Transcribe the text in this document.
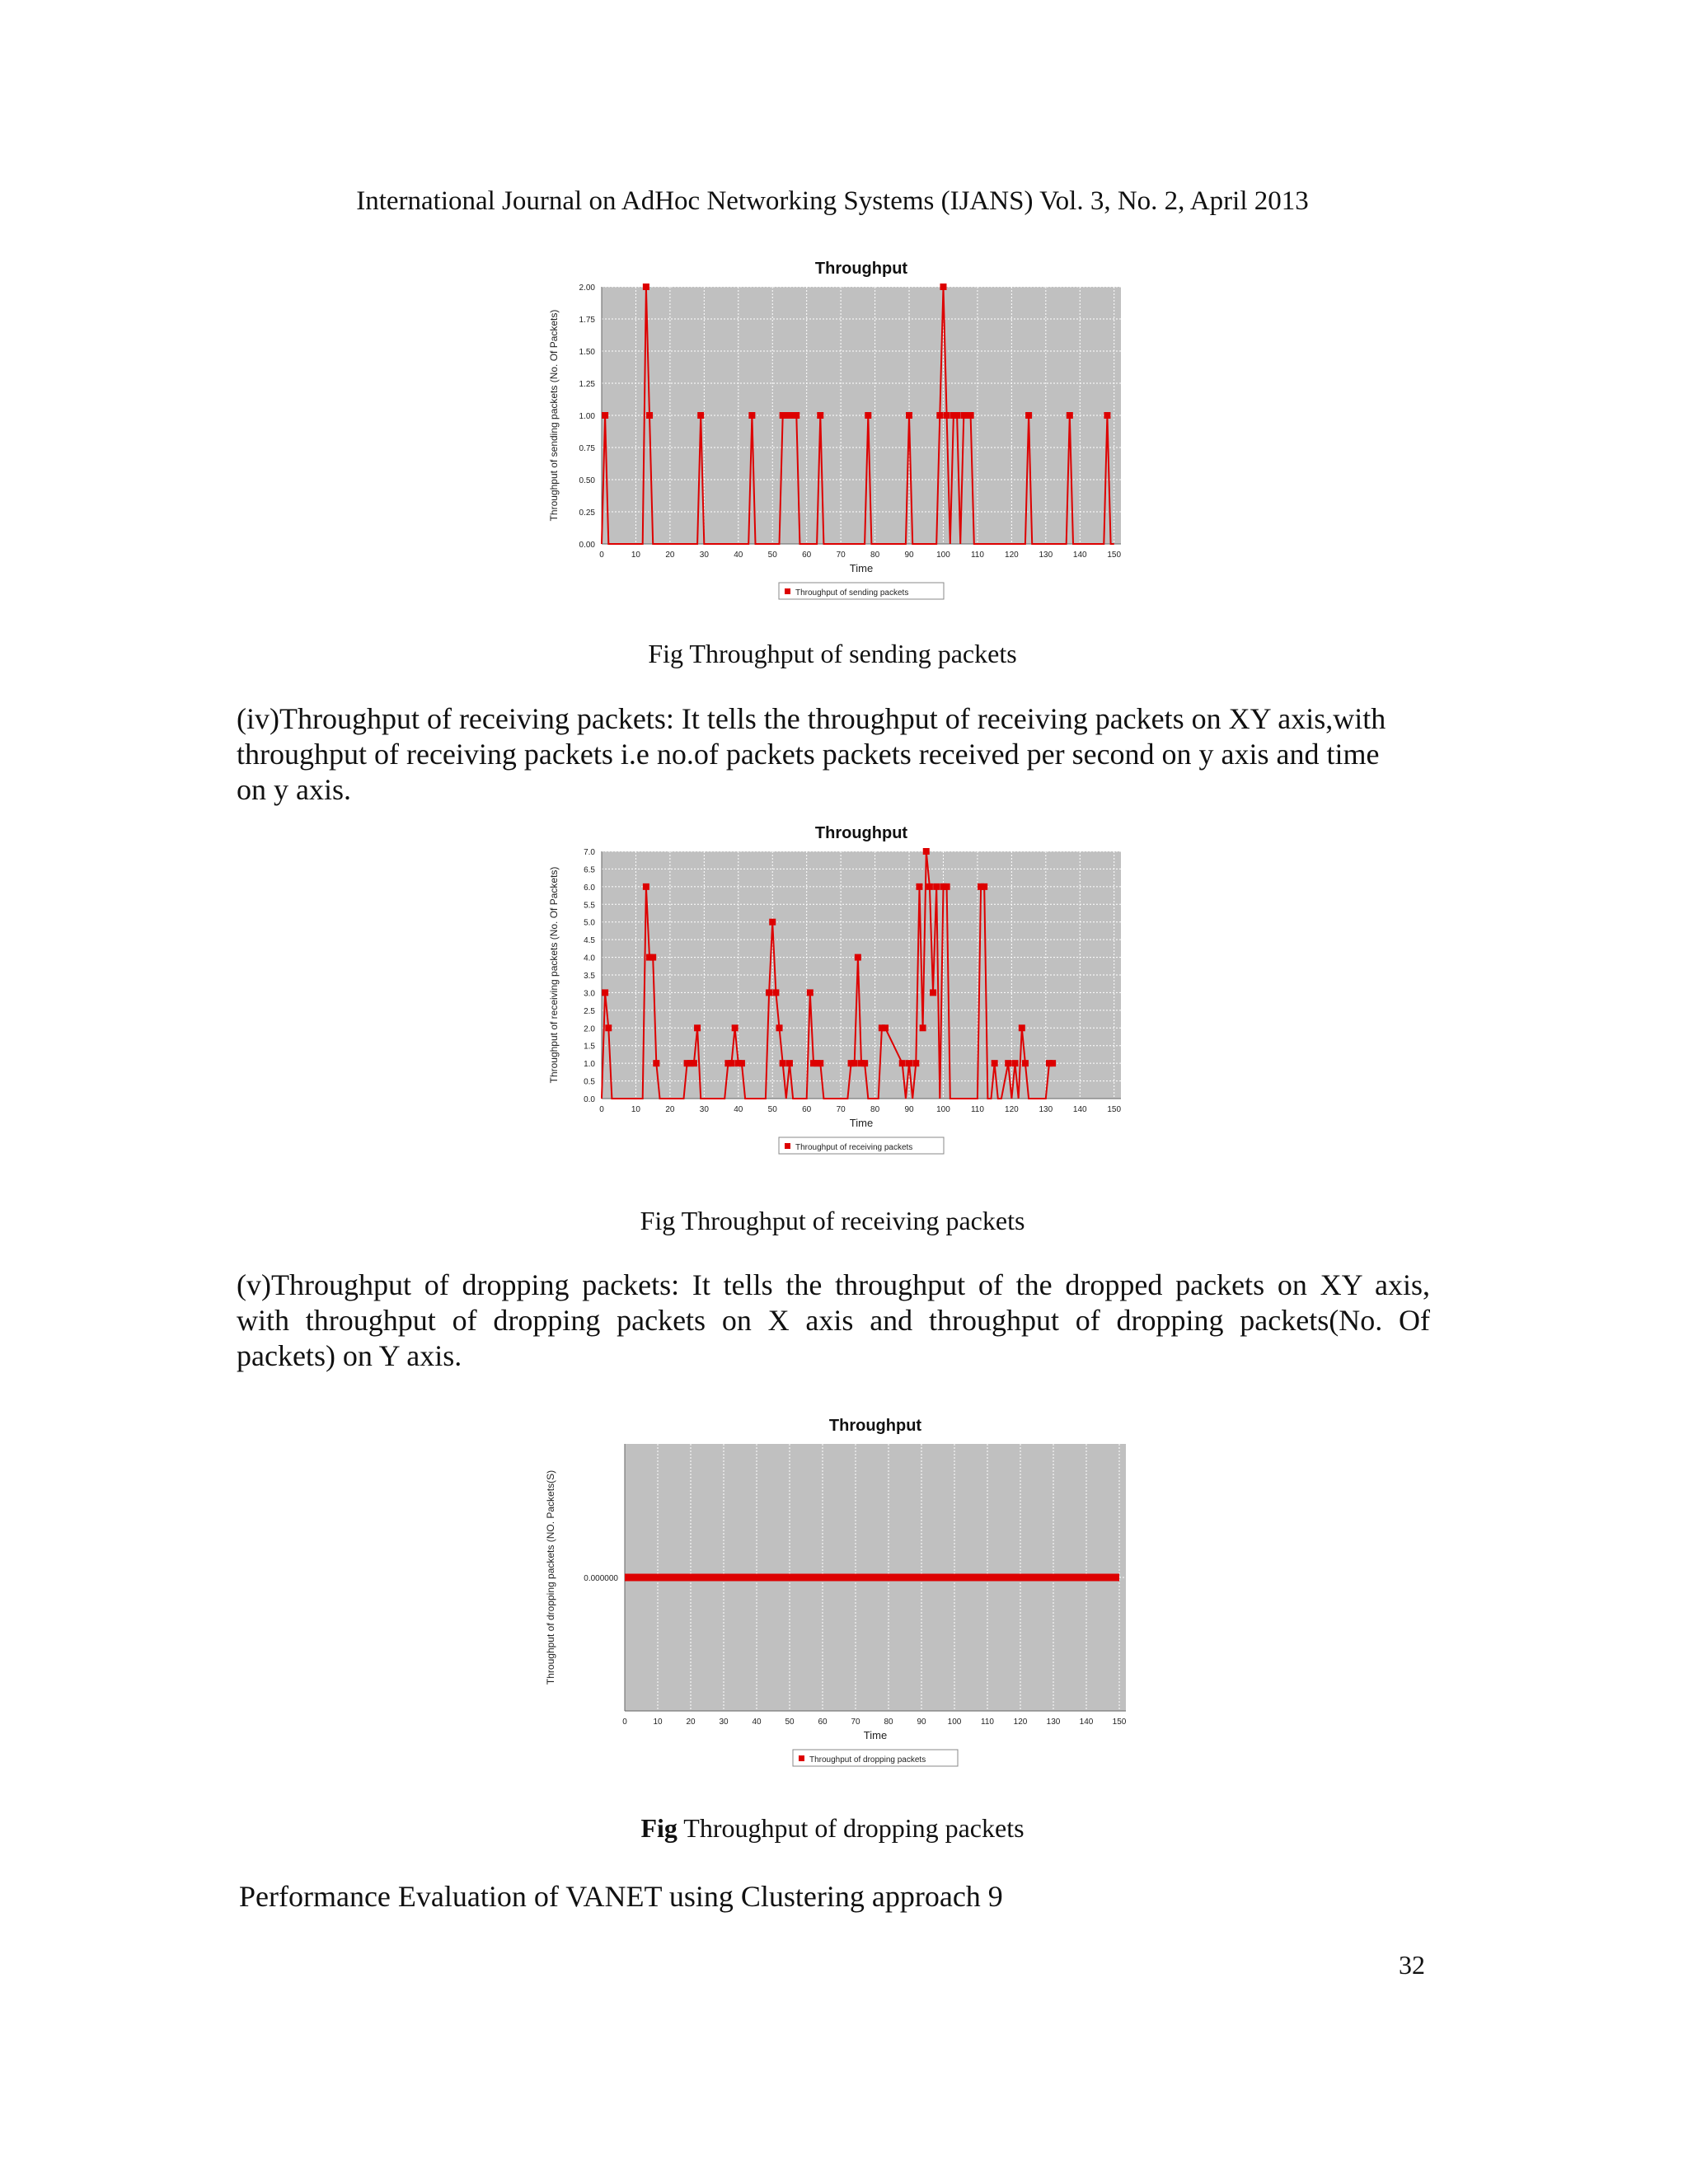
International Journal on AdHoc Networking Systems (IJANS) Vol. 3, No. 2, April 2013
Throughput
0	10	20	30	40	50	60	70	80	90	100	110	120 130 140 150
0.00
0.25
0.50
0.75
1.00
1.25
1.50
1.75
2.00
Time
Throughput of sending packets (No. Of Packets)
Throughput of sending packets
Fig Throughput of sending packets
(iv)Throughput of receiving packets: It tells the throughput of receiving packets on XY axis,with
throughput of receiving packets i.e no.of packets packets received per second on y axis and time
on y axis.
Throughput
0	10	20	30	40	50	60	70	80	90	100	110	120 130 140 150
0.0
0.5
1.0
1.5
2.0
2.5
3.0
3.5
4.0
4.5
5.0
5.5
6.0
6.5
7.0
Time
Throughput of receiving packets (No. Of Packets)
Throughput of receiving packets
Fig Throughput of receiving packets
(v)Throughput of dropping packets: It tells the throughput of the dropped packets on XY axis,
with throughput of dropping packets on X axis and throughput of dropping packets(No. Of
packets) on Y axis.
Throughput
0	10	20	30	40	50	60	70	80	90	100 110 120 130 140 150
0.000000
Time
Throughput of dropping packets (NO. Packets(S)
Throughput of dropping packets
Fig Throughput of dropping packets
Performance Evaluation of VANET using Clustering approach 9
32
